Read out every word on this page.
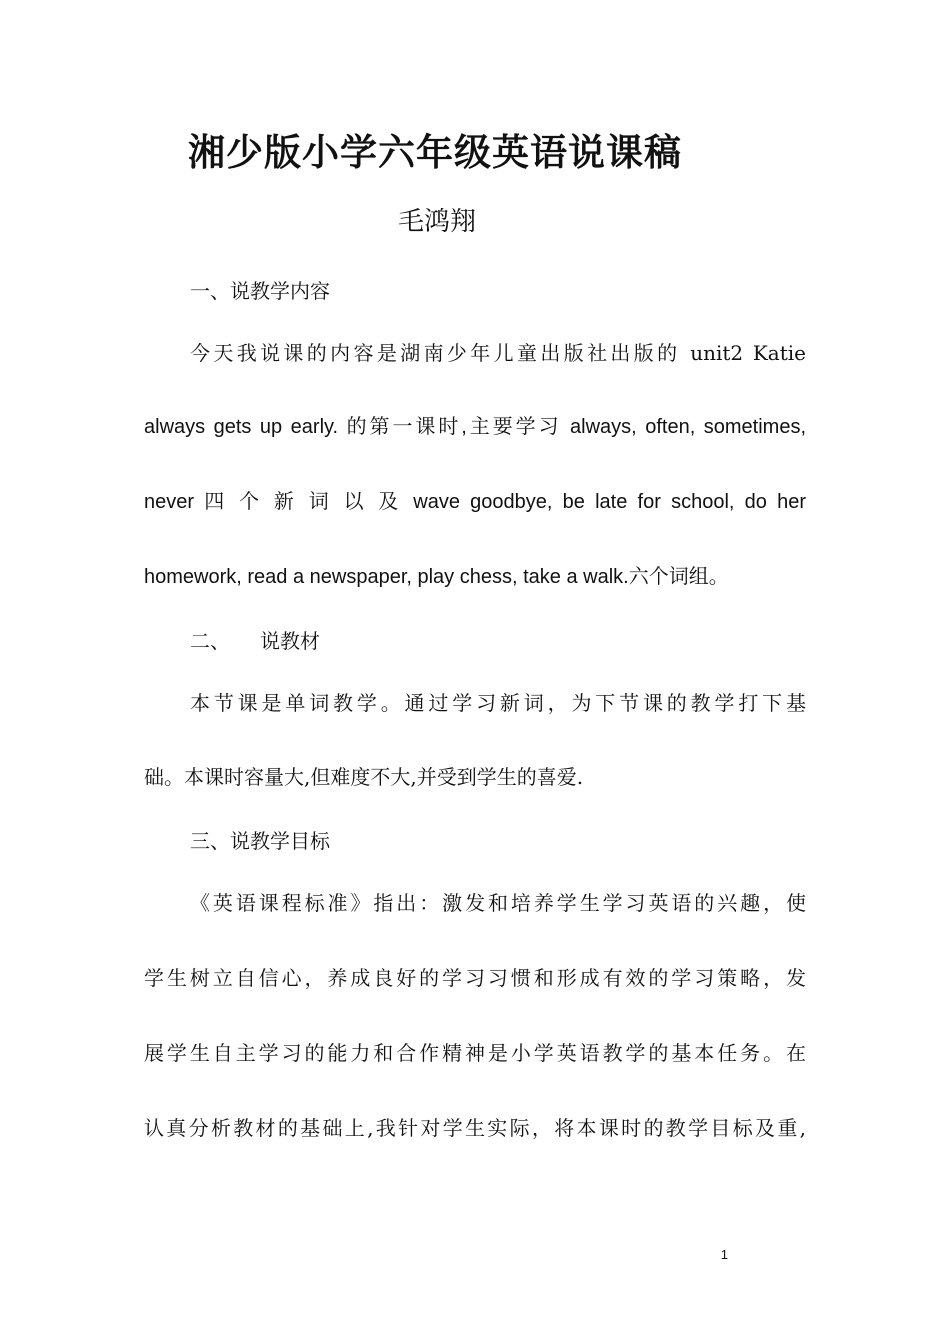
湘少版小学六年级英语说课稿
毛鸿翔
一、说教学内容
今天我说课的内容是湖南少年儿童出版社出版的 unit2 Katie
always gets up early. 的第一课时,主要学习 always, often, sometimes,
never 四 个 新 词 以 及 wave goodbye, be late for school, do her
homework, read a newspaper, play chess, take a walk.六个词组。
二、 说教材
本节课是单词教学。通过学习新词，为下节课的教学打下基
础。本课时容量大,但难度不大,并受到学生的喜爱.
三、说教学目标
《英语课程标准》指出：激发和培养学生学习英语的兴趣，使
学生树立自信心，养成良好的学习习惯和形成有效的学习策略，发
展学生自主学习的能力和合作精神是小学英语教学的基本任务。在
认真分析教材的基础上,我针对学生实际，将本课时的教学目标及重,
1
